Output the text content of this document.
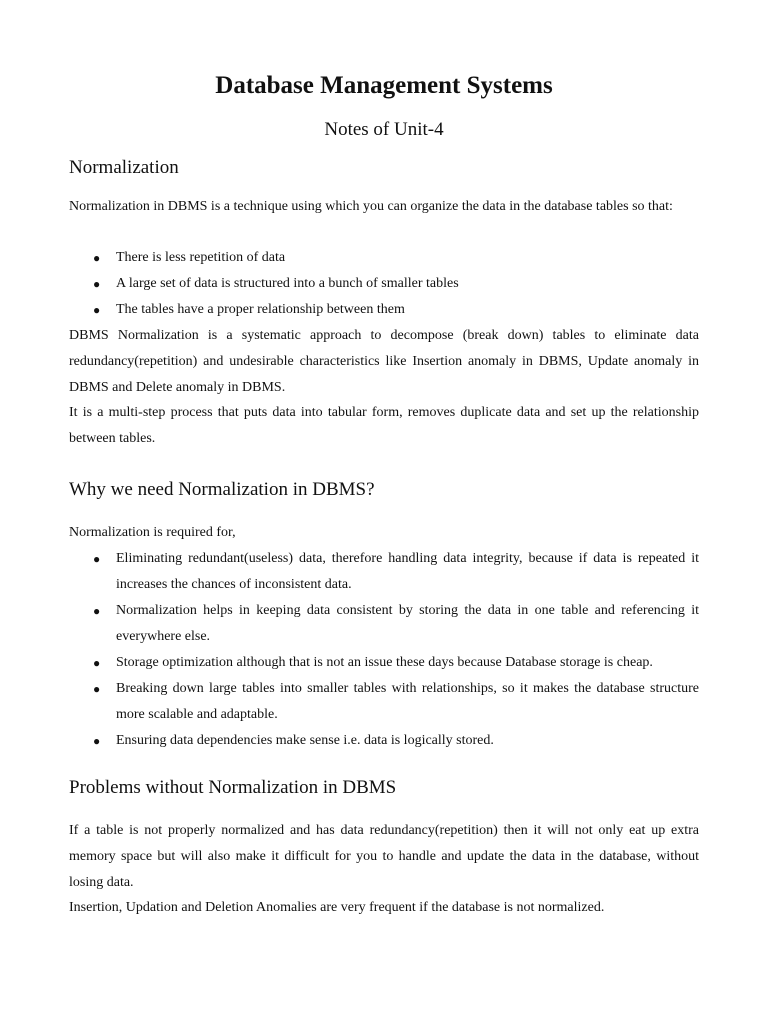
Database Management Systems
Notes of Unit-4
Normalization

Normalization in DBMS is a technique using which you can organize the data in the database tables so that:

● There is less repetition of data
● A large set of data is structured into a bunch of smaller tables
● The tables have a proper relationship between them

DBMS Normalization is a systematic approach to decompose (break down) tables to eliminate data redundancy(repetition) and undesirable characteristics like Insertion anomaly in DBMS, Update anomaly in DBMS and Delete anomaly in DBMS.

It is a multi-step process that puts data into tabular form, removes duplicate data and set up the relationship between tables.

Why we need Normalization in DBMS?

Normalization is required for,

● Eliminating redundant(useless) data, therefore handling data integrity, because if data is repeated it increases the chances of inconsistent data.
● Normalization helps in keeping data consistent by storing the data in one table and referencing it everywhere else.
● Storage optimization although that is not an issue these days because Database storage is cheap.
● Breaking down large tables into smaller tables with relationships, so it makes the database structure more scalable and adaptable.
● Ensuring data dependencies make sense i.e. data is logically stored.
Problems without Normalization in DBMS

If a table is not properly normalized and has data redundancy(repetition) then it will not only eat up extra memory space but will also make it difficult for you to handle and update the data in the database, without losing data.

Insertion, Updation and Deletion Anomalies are very frequent if the database is not normalized.
